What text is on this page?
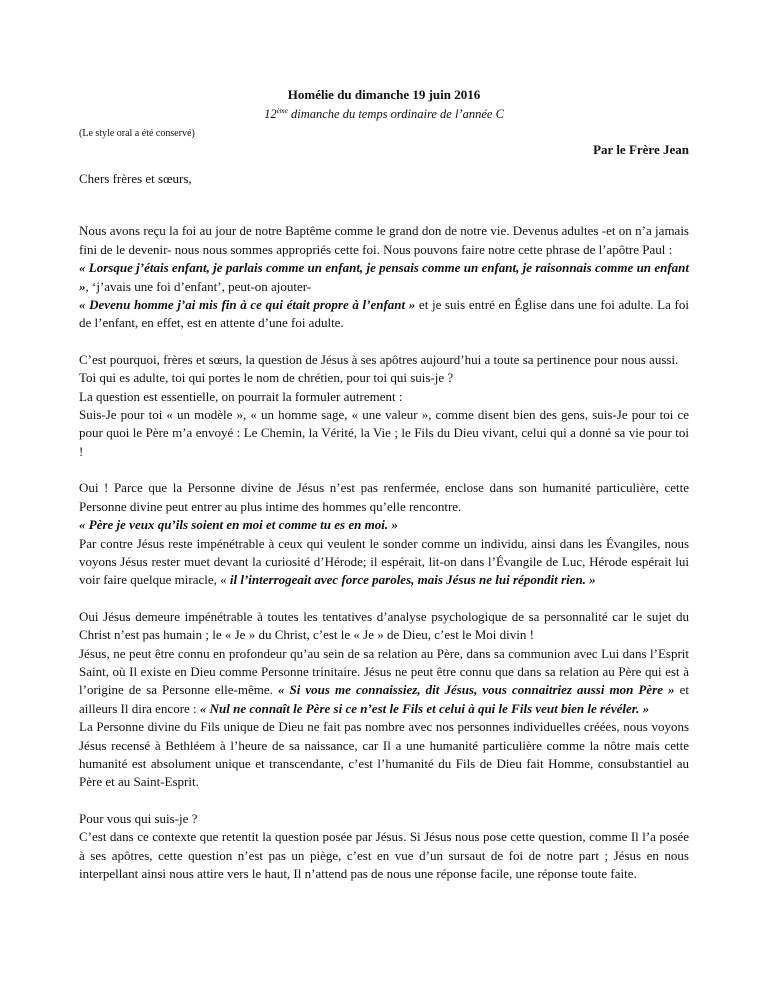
Homélie du dimanche 19 juin 2016
12ème dimanche du temps ordinaire de l’année C
(Le style oral a été conservé)
Par le Frère Jean

Chers frères et sœurs,

Nous avons reçu la foi au jour de notre Baptême comme le grand don de notre vie. Devenus adultes -et on n’a jamais fini de le devenir- nous nous sommes appropriés cette foi. Nous pouvons faire notre cette phrase de l’apôtre Paul :
« Lorsque j’étais enfant, je parlais comme un enfant, je pensais comme un enfant, je raisonnais comme un enfant », ‘j’avais une foi d’enfant’, peut-on ajouter-
« Devenu homme j’ai mis fin à ce qui était propre à l’enfant » et je suis entré en Église dans une foi adulte. La foi de l’enfant, en effet, est en attente d’une foi adulte.

C’est pourquoi, frères et sœurs, la question de Jésus à ses apôtres aujourd’hui a toute sa pertinence pour nous aussi.
Toi qui es adulte, toi qui portes le nom de chrétien, pour toi qui suis-je ?
La question est essentielle, on pourrait la formuler autrement :
Suis-Je pour toi « un modèle », « un homme sage, « une valeur », comme disent bien des gens, suis-Je pour toi ce pour quoi le Père m’a envoyé : Le Chemin, la Vérité, la Vie ; le Fils du Dieu vivant, celui qui a donné sa vie pour toi !

Oui ! Parce que la Personne divine de Jésus n’est pas renfermée, enclose dans son humanité particulière, cette Personne divine peut entrer au plus intime des hommes qu’elle rencontre.
« Père je veux qu’ils soient en moi et comme tu es en moi. »
Par contre Jésus reste impénétrable à ceux qui veulent le sonder comme un individu, ainsi dans les Évangiles, nous voyons Jésus rester muet devant la curiosité d’Hérode; il espérait, lit-on dans l’Évangile de Luc, Hérode espérait lui voir faire quelque miracle, « il l’interrogeait avec force paroles, mais Jésus ne lui répondit rien. »

Oui Jésus demeure impénétrable à toutes les tentatives d’analyse psychologique de sa personnalité car le sujet du Christ n’est pas humain ; le « Je » du Christ, c’est le « Je » de Dieu, c’est le Moi divin !
Jésus, ne peut être connu en profondeur qu’au sein de sa relation au Père, dans sa communion avec Lui dans l’Esprit Saint, où Il existe en Dieu comme Personne trinitaire. Jésus ne peut être connu que dans sa relation au Père qui est à l’origine de sa Personne elle-même. « Si vous me connaissiez, dit Jésus, vous connaitriez aussi mon Père » et ailleurs Il dira encore : « Nul ne connaît le Père si ce n’est le Fils et celui à qui le Fils veut bien le révéler. »
La Personne divine du Fils unique de Dieu ne fait pas nombre avec nos personnes individuelles créées, nous voyons Jésus recensé à Bethléem à l’heure de sa naissance, car Il a une humanité particulière comme la nôtre mais cette humanité est absolument unique et transcendante, c’est l’humanité du Fils de Dieu fait Homme, consubstantiel au Père et au Saint-Esprit.

Pour vous qui suis-je ?
C’est dans ce contexte que retentit la question posée par Jésus. Si Jésus nous pose cette question, comme Il l’a posée à ses apôtres, cette question n’est pas un piège, c’est en vue d’un sursaut de foi de notre part ; Jésus en nous interpellant ainsi nous attire vers le haut, Il n’attend pas de nous une réponse facile, une réponse toute faite.
